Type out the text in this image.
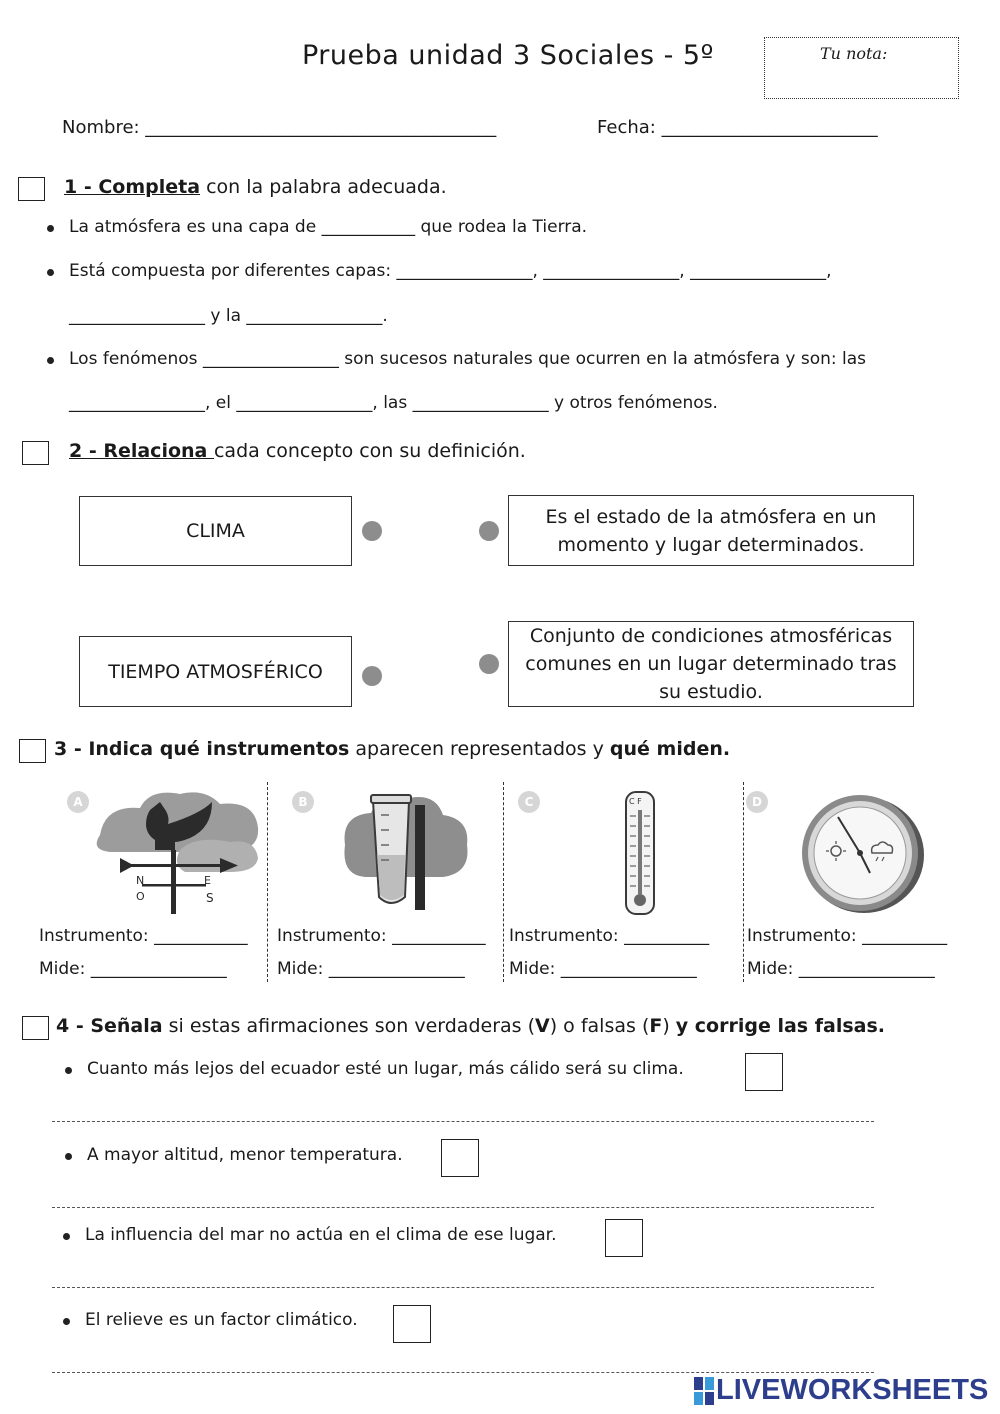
Prueba unidad 3 Sociales - 5º	Tu nota:
Nombre: _______________________________________	Fecha: ________________________
1 - Completa con la palabra adecuada.
La atmósfera es una capa de ___________ que rodea la Tierra.
Está compuesta por diferentes capas: ________________, ________________, ________________,
________________ y la ________________.
Los fenómenos ________________ son sucesos naturales que ocurren en la atmósfera y son: las
________________, el ________________, las ________________ y otros fenómenos.
2 - Relaciona cada concepto con su definición.
CLIMA
Es el estado de la atmósfera en un momento y lugar determinados.
TIEMPO ATMOSFÉRICO
Conjunto de condiciones atmosféricas comunes en un lugar determinado tras su estudio.
3 - Indica qué instrumentos aparecen representados y qué miden.
A
N	E
O	S
B	C	C F	D
Instrumento: ___________
Mide: ________________
Instrumento: ___________
Mide: ________________
Instrumento: __________
Mide: ________________
Instrumento: __________
Mide: ________________
4 - Señala si estas afirmaciones son verdaderas (V) o falsas (F) y corrige las falsas.
Cuanto más lejos del ecuador esté un lugar, más cálido será su clima.
A mayor altitud, menor temperatura.
La influencia del mar no actúa en el clima de ese lugar.
El relieve es un factor climático.
LIVEWORKSHEETS
